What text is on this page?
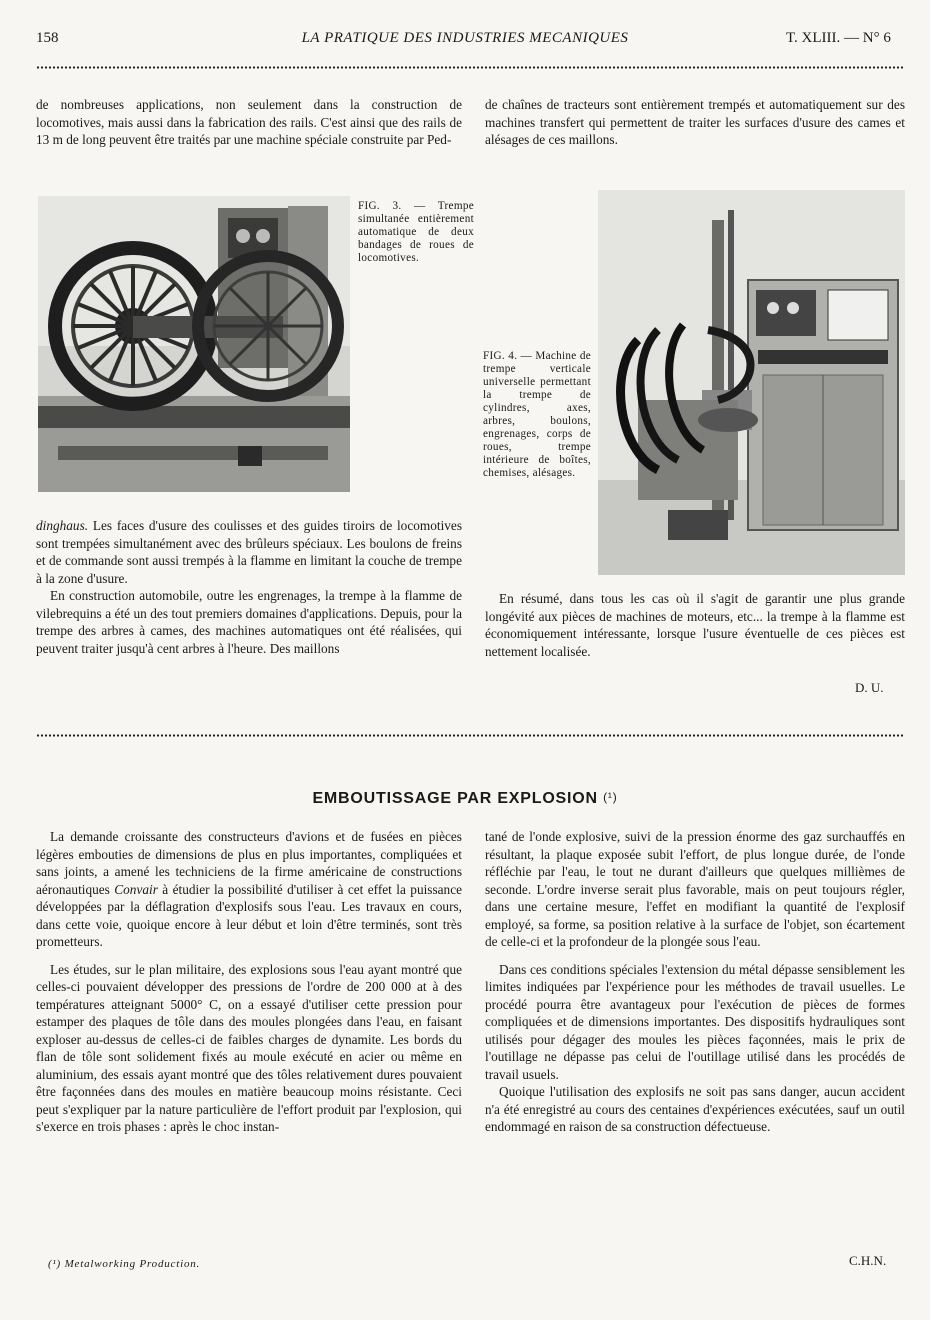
158	LA PRATIQUE DES INDUSTRIES MECANIQUES	T. XLIII. — N° 6

de nombreuses applications, non seulement dans la construction de locomotives, mais aussi dans la fabrication des rails. C'est ainsi que des rails de 13 m de long peuvent être traités par une machine spéciale construite par Ped-

de chaînes de tracteurs sont entièrement trempés et automatiquement sur des machines transfert qui permettent de traiter les surfaces d'usure des cames et alésages de ces maillons.

FIG. 3. — Trempe simultanée entièrement automatique de deux bandages de roues de locomotives.
FIG. 4. — Machine de trempe verticale universelle permettant la trempe de cylindres, axes, arbres, boulons, engrenages, corps de roues, trempe intérieure de boîtes, chemises, alésages.

dinghaus. Les faces d'usure des coulisses et des guides tiroirs de locomotives sont trempées simultanément avec des brûleurs spéciaux. Les boulons de freins et de commande sont aussi trempés à la flamme en limitant la couche de trempe à la zone d'usure.

En construction automobile, outre les engrenages, la trempe à la flamme de vilebrequins a été un des tout premiers domaines d'applications. Depuis, pour la trempe des arbres à cames, des machines automatiques ont été réalisées, qui peuvent traiter jusqu'à cent arbres à l'heure. Des maillons

En résumé, dans tous les cas où il s'agit de garantir une plus grande longévité aux pièces de machines de moteurs, etc... la trempe à la flamme est économiquement intéressante, lorsque l'usure éventuelle de ces pièces est nettement localisée.

D. U.
EMBOUTISSAGE PAR EXPLOSION $^{(^1)}$

La demande croissante des constructeurs d'avions et de fusées en pièces légères embouties de dimensions de plus en plus importantes, compliquées et sans joints, a amené les techniciens de la firme américaine de constructions aéronautiques Convair à étudier la possibilité d'utiliser à cet effet la puissance développées par la déflagration d'explosifs sous l'eau. Les travaux en cours, dans cette voie, quoique encore à leur début et loin d'être terminés, sont très prometteurs.

Les études, sur le plan militaire, des explosions sous l'eau ayant montré que celles-ci pouvaient développer des pressions de l'ordre de 200 000 at à des températures atteignant 5000° C, on a essayé d'utiliser cette pression pour estamper des plaques de tôle dans des moules plongées dans l'eau, en faisant exploser au-dessus de celles-ci de faibles charges de dynamite. Les bords du flan de tôle sont solidement fixés au moule exécuté en acier ou même en aluminium, des essais ayant montré que des tôles relativement dures pouvaient être façonnées dans des moules en matière beaucoup moins résistante. Ceci peut s'expliquer par la nature particulière de l'effort produit par l'explosion, qui s'exerce en trois phases : après le choc instan-

tané de l'onde explosive, suivi de la pression énorme des gaz surchauffés en résultant, la plaque exposée subit l'effort, de plus longue durée, de l'onde réfléchie par l'eau, le tout ne durant d'ailleurs que quelques millièmes de seconde. L'ordre inverse serait plus favorable, mais on peut toujours régler, dans une certaine mesure, l'effet en modifiant la quantité de l'explosif employé, sa forme, sa position relative à la surface de l'objet, son écartement de celle-ci et la profondeur de la plongée sous l'eau.

Dans ces conditions spéciales l'extension du métal dépasse sensiblement les limites indiquées par l'expérience pour les méthodes de travail usuelles. Le procédé pourra être avantageux pour l'exécution de pièces de formes compliquées et de dimensions importantes. Des dispositifs hydrauliques sont utilisés pour dégager des moules les pièces façonnées, mais le prix de l'outillage ne dépasse pas celui de l'outillage utilisé dans les procédés de travail usuels.

Quoique l'utilisation des explosifs ne soit pas sans danger, aucun accident n'a été enregistré au cours des centaines d'expériences exécutées, sauf un outil endommagé en raison de sa construction défectueuse.

C.H.N.
(¹) Metalworking Production.
